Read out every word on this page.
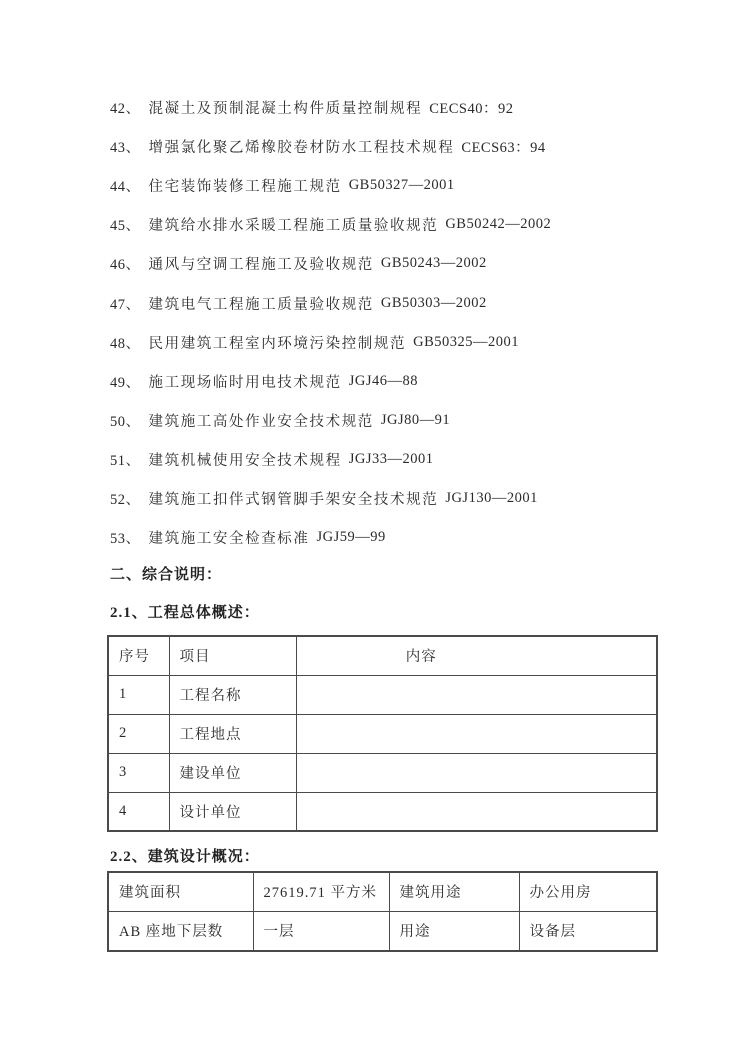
42、 混凝土及预制混凝土构件质量控制规程 CECS40：92
43、 增强氯化聚乙烯橡胶卷材防水工程技术规程 CECS63：94
44、 住宅装饰装修工程施工规范 GB50327—2001
45、 建筑给水排水采暖工程施工质量验收规范 GB50242—2002
46、 通风与空调工程施工及验收规范 GB50243—2002
47、 建筑电气工程施工质量验收规范 GB50303—2002
48、 民用建筑工程室内环境污染控制规范 GB50325—2001
49、 施工现场临时用电技术规范 JGJ46—88
50、 建筑施工高处作业安全技术规范 JGJ80—91
51、 建筑机械使用安全技术规程 JGJ33—2001
52、 建筑施工扣伴式钢管脚手架安全技术规范 JGJ130—2001
53、 建筑施工安全检查标准 JGJ59—99
二、综合说明：
2.1、工程总体概述：
序号	项目	内容
1	工程名称	
2	工程地点	
3	建设单位	
4	设计单位	
2.2、建筑设计概况：
建筑面积	27619.71 平方米	建筑用途	办公用房
AB 座地下层数	一层	用途	设备层
